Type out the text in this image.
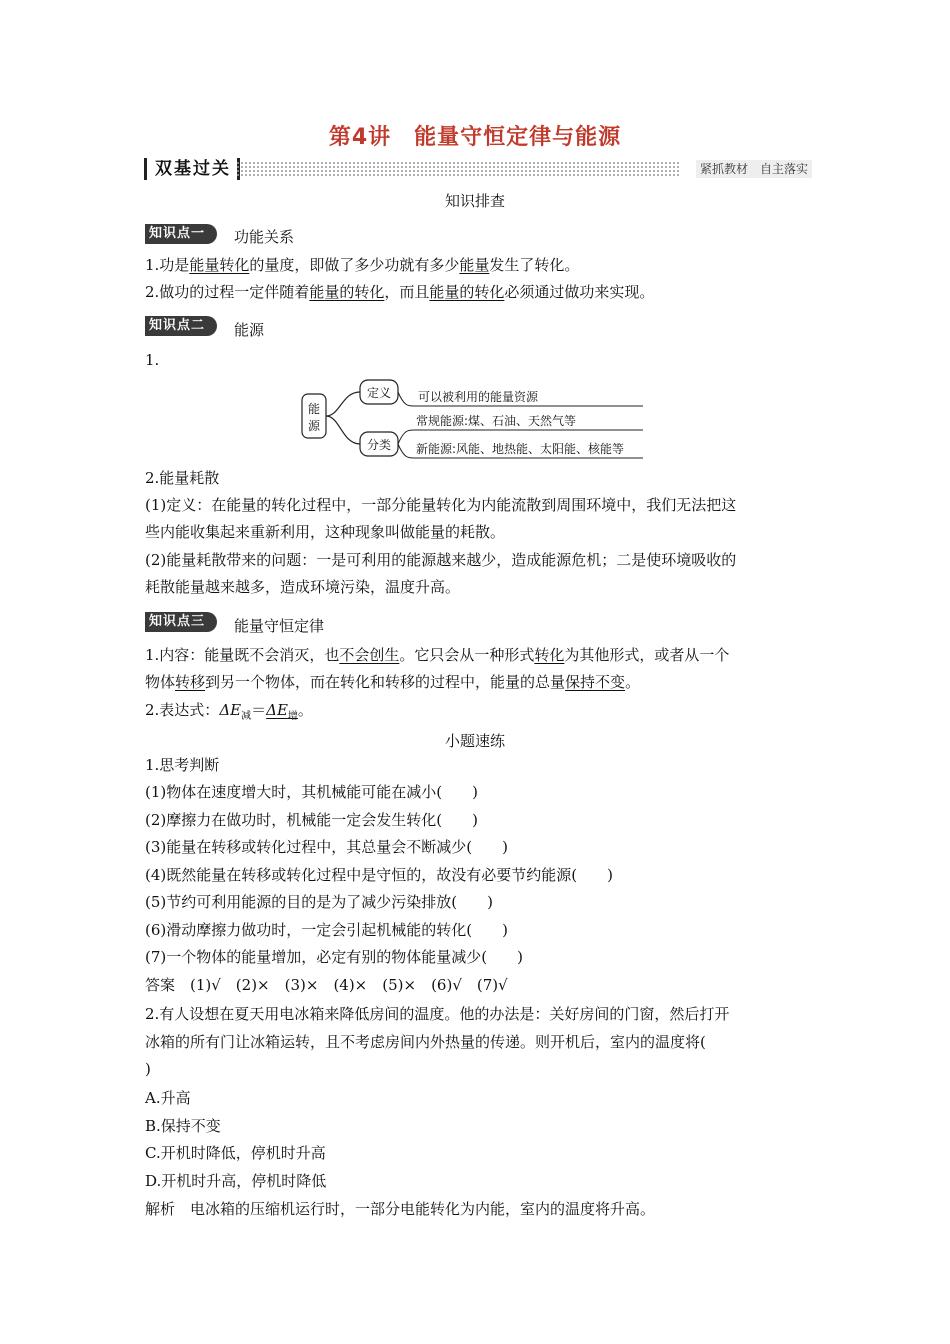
第4讲　能量守恒定律与能源
双基过关	紧抓教材　自主落实
知识排查
知识点一	功能关系
1.功是能量转化的量度，即做了多少功就有多少能量发生了转化。
2.做功的过程一定伴随着能量的转化，而且能量的转化必须通过做功来实现。
知识点二	能源
1.
能
源
定义 可以被利用的能量资源
分类
常规能源:煤、石油、天然气等
新能源:风能、地热能、太阳能、核能等
2.能量耗散
(1)定义：在能量的转化过程中，一部分能量转化为内能流散到周围环境中，我们无法把这
些内能收集起来重新利用，这种现象叫做能量的耗散。
(2)能量耗散带来的问题：一是可利用的能源越来越少，造成能源危机；二是使环境吸收的
耗散能量越来越多，造成环境污染，温度升高。
知识点三	能量守恒定律
1.内容：能量既不会消灭，也不会创生。它只会从一种形式转化为其他形式，或者从一个
物体转移到另一个物体，而在转化和转移的过程中，能量的总量保持不变。
2.表达式：$\Delta E_减=\Delta E_增$。
小题速练
1.思考判断
(1)物体在速度增大时，其机械能可能在减小(　　)
(2)摩擦力在做功时，机械能一定会发生转化(　　)
(3)能量在转移或转化过程中，其总量会不断减少(　　)
(4)既然能量在转移或转化过程中是守恒的，故没有必要节约能源(　　)
(5)节约可利用能源的目的是为了减少污染排放(　　)
(6)滑动摩擦力做功时，一定会引起机械能的转化(　　)
(7)一个物体的能量增加，必定有别的物体能量减少(　　)
答案　(1)√　(2)×　(3)×　(4)×　(5)×　(6)√　(7)√
2.有人设想在夏天用电冰箱来降低房间的温度。他的办法是：关好房间的门窗，然后打开
冰箱的所有门让冰箱运转，且不考虑房间内外热量的传递。则开机后，室内的温度将(
)
A.升高
B.保持不变
C.开机时降低，停机时升高
D.开机时升高，停机时降低
解析　电冰箱的压缩机运行时，一部分电能转化为内能，室内的温度将升高。
